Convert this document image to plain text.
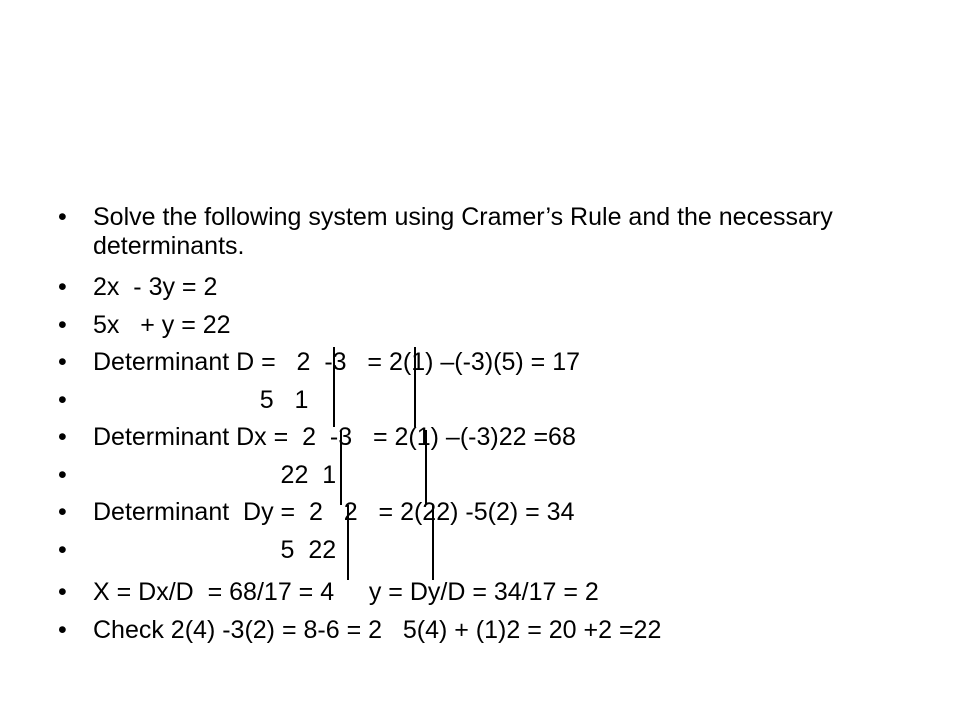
•	Solve the following system using Cramer’s Rule and the necessary determinants.
•	2x  - 3y = 2
•	5x   + y = 22
•	Determinant D =   2  -3   = 2(1) –(-3)(5) = 17
•	5   1
•	Determinant Dx =  2  -3   = 2(1) –(-3)22 =68
•	22  1
•	Determinant  Dy =  2   2   = 2(22) -5(2) = 34
•	5  22
•	X = Dx/D  = 68/17 = 4     y = Dy/D = 34/17 = 2
•	Check 2(4) -3(2) = 8-6 = 2   5(4) + (1)2 = 20 +2 =22
